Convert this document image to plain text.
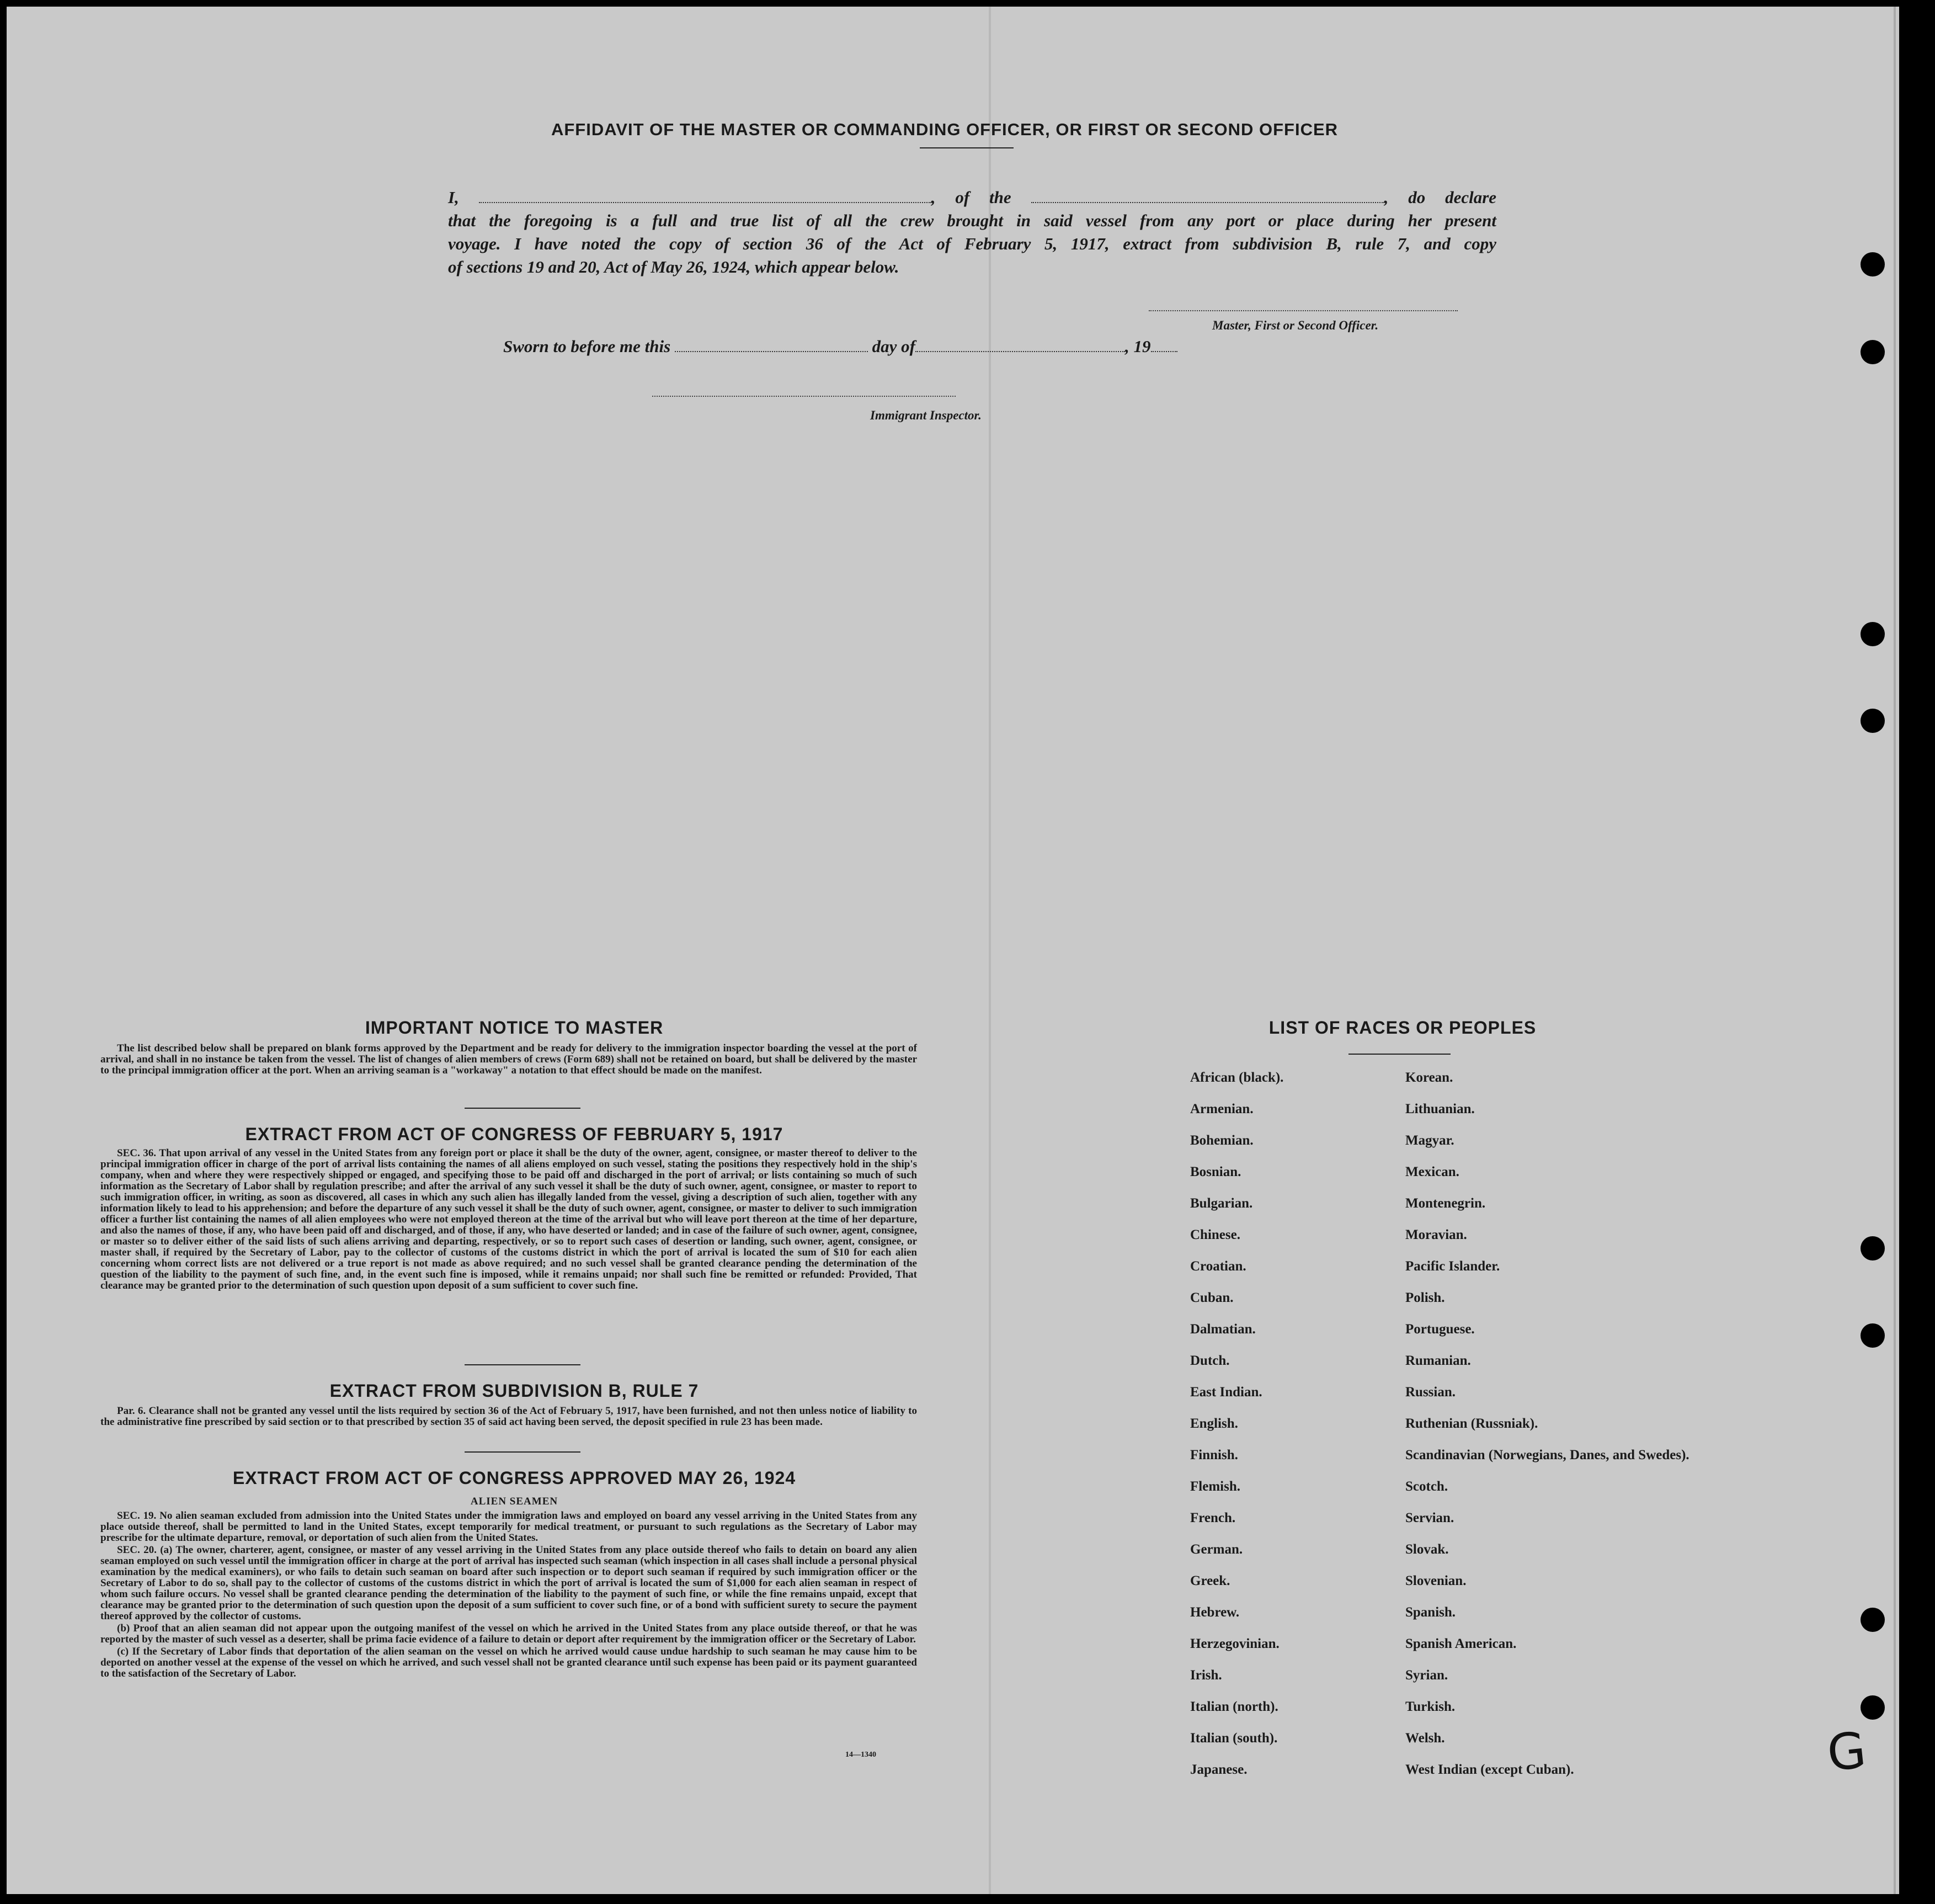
AFFIDAVIT OF THE MASTER OR COMMANDING OFFICER, OR FIRST OR SECOND OFFICER

I,	, of the	, do declare

that the foregoing is a full and true list of all the crew brought in said vessel from any port or place during her present

voyage. I have noted the copy of section 36 of the Act of February 5, 1917, extract from subdivision B, rule 7, and copy

of sections 19 and 20, Act of May 26, 1924, which appear below.

Master, First or Second Officer.
Sworn to before me this	day of	, 19
Immigrant Inspector.
IMPORTANT NOTICE TO MASTER

The list described below shall be prepared on blank forms approved by the Department and be ready for delivery to the immigration inspector boarding the vessel at the port of arrival, and shall in no instance be taken from the vessel. The list of changes of alien members of crews (Form 689) shall not be retained on board, but shall be delivered by the master to the principal immigration officer at the port. When an arriving seaman is a "workaway" a notation to that effect should be made on the manifest.

EXTRACT FROM ACT OF CONGRESS OF FEBRUARY 5, 1917

SEC. 36. That upon arrival of any vessel in the United States from any foreign port or place it shall be the duty of the owner, agent, consignee, or master thereof to deliver to the principal immigration officer in charge of the port of arrival lists containing the names of all aliens employed on such vessel, stating the positions they respectively hold in the ship's company, when and where they were respectively shipped or engaged, and specifying those to be paid off and discharged in the port of arrival; or lists containing so much of such information as the Secretary of Labor shall by regulation prescribe; and after the arrival of any such vessel it shall be the duty of such owner, agent, consignee, or master to report to such immigration officer, in writing, as soon as discovered, all cases in which any such alien has illegally landed from the vessel, giving a description of such alien, together with any information likely to lead to his apprehension; and before the departure of any such vessel it shall be the duty of such owner, agent, consignee, or master to deliver to such immigration officer a further list containing the names of all alien employees who were not employed thereon at the time of the arrival but who will leave port thereon at the time of her departure, and also the names of those, if any, who have been paid off and discharged, and of those, if any, who have deserted or landed; and in case of the failure of such owner, agent, consignee, or master so to deliver either of the said lists of such aliens arriving and departing, respectively, or so to report such cases of desertion or landing, such owner, agent, consignee, or master shall, if required by the Secretary of Labor, pay to the collector of customs of the customs district in which the port of arrival is located the sum of $10 for each alien concerning whom correct lists are not delivered or a true report is not made as above required; and no such vessel shall be granted clearance pending the determination of the question of the liability to the payment of such fine, and, in the event such fine is imposed, while it remains unpaid; nor shall such fine be remitted or refunded: Provided, That clearance may be granted prior to the determination of such question upon deposit of a sum sufficient to cover such fine.

EXTRACT FROM SUBDIVISION B, RULE 7

Par. 6. Clearance shall not be granted any vessel until the lists required by section 36 of the Act of February 5, 1917, have been furnished, and not then unless notice of liability to the administrative fine prescribed by said section or to that prescribed by section 35 of said act having been served, the deposit specified in rule 23 has been made.

EXTRACT FROM ACT OF CONGRESS APPROVED MAY 26, 1924
ALIEN SEAMEN

SEC. 19. No alien seaman excluded from admission into the United States under the immigration laws and employed on board any vessel arriving in the United States from any place outside thereof, shall be permitted to land in the United States, except temporarily for medical treatment, or pursuant to such regulations as the Secretary of Labor may prescribe for the ultimate departure, removal, or deportation of such alien from the United States.

SEC. 20. (a) The owner, charterer, agent, consignee, or master of any vessel arriving in the United States from any place outside thereof who fails to detain on board any alien seaman employed on such vessel until the immigration officer in charge at the port of arrival has inspected such seaman (which inspection in all cases shall include a personal physical examination by the medical examiners), or who fails to detain such seaman on board after such inspection or to deport such seaman if required by such immigration officer or the Secretary of Labor to do so, shall pay to the collector of customs of the customs district in which the port of arrival is located the sum of $1,000 for each alien seaman in respect of whom such failure occurs. No vessel shall be granted clearance pending the determination of the liability to the payment of such fine, or while the fine remains unpaid, except that clearance may be granted prior to the determination of such question upon the deposit of a sum sufficient to cover such fine, or of a bond with sufficient surety to secure the payment thereof approved by the collector of customs.

(b) Proof that an alien seaman did not appear upon the outgoing manifest of the vessel on which he arrived in the United States from any place outside thereof, or that he was reported by the master of such vessel as a deserter, shall be prima facie evidence of a failure to detain or deport after requirement by the immigration officer or the Secretary of Labor.

(c) If the Secretary of Labor finds that deportation of the alien seaman on the vessel on which he arrived would cause undue hardship to such seaman he may cause him to be deported on another vessel at the expense of the vessel on which he arrived, and such vessel shall not be granted clearance until such expense has been paid or its payment guaranteed to the satisfaction of the Secretary of Labor.

14—1340
LIST OF RACES OR PEOPLES
African (black).
Armenian.
Bohemian.
Bosnian.
Bulgarian.
Chinese.
Croatian.
Cuban.
Dalmatian.
Dutch.
East Indian.
English.
Finnish.
Flemish.
French.
German.
Greek.
Hebrew.
Herzegovinian.
Irish.
Italian (north).
Italian (south).
Japanese.
Korean.
Lithuanian.
Magyar.
Mexican.
Montenegrin.
Moravian.
Pacific Islander.
Polish.
Portuguese.
Rumanian.
Russian.
Ruthenian (Russniak).
Scandinavian (Norwegians, Danes, and Swedes).
Scotch.
Servian.
Slovak.
Slovenian.
Spanish.
Spanish American.
Syrian.
Turkish.
Welsh.
West Indian (except Cuban).	G
